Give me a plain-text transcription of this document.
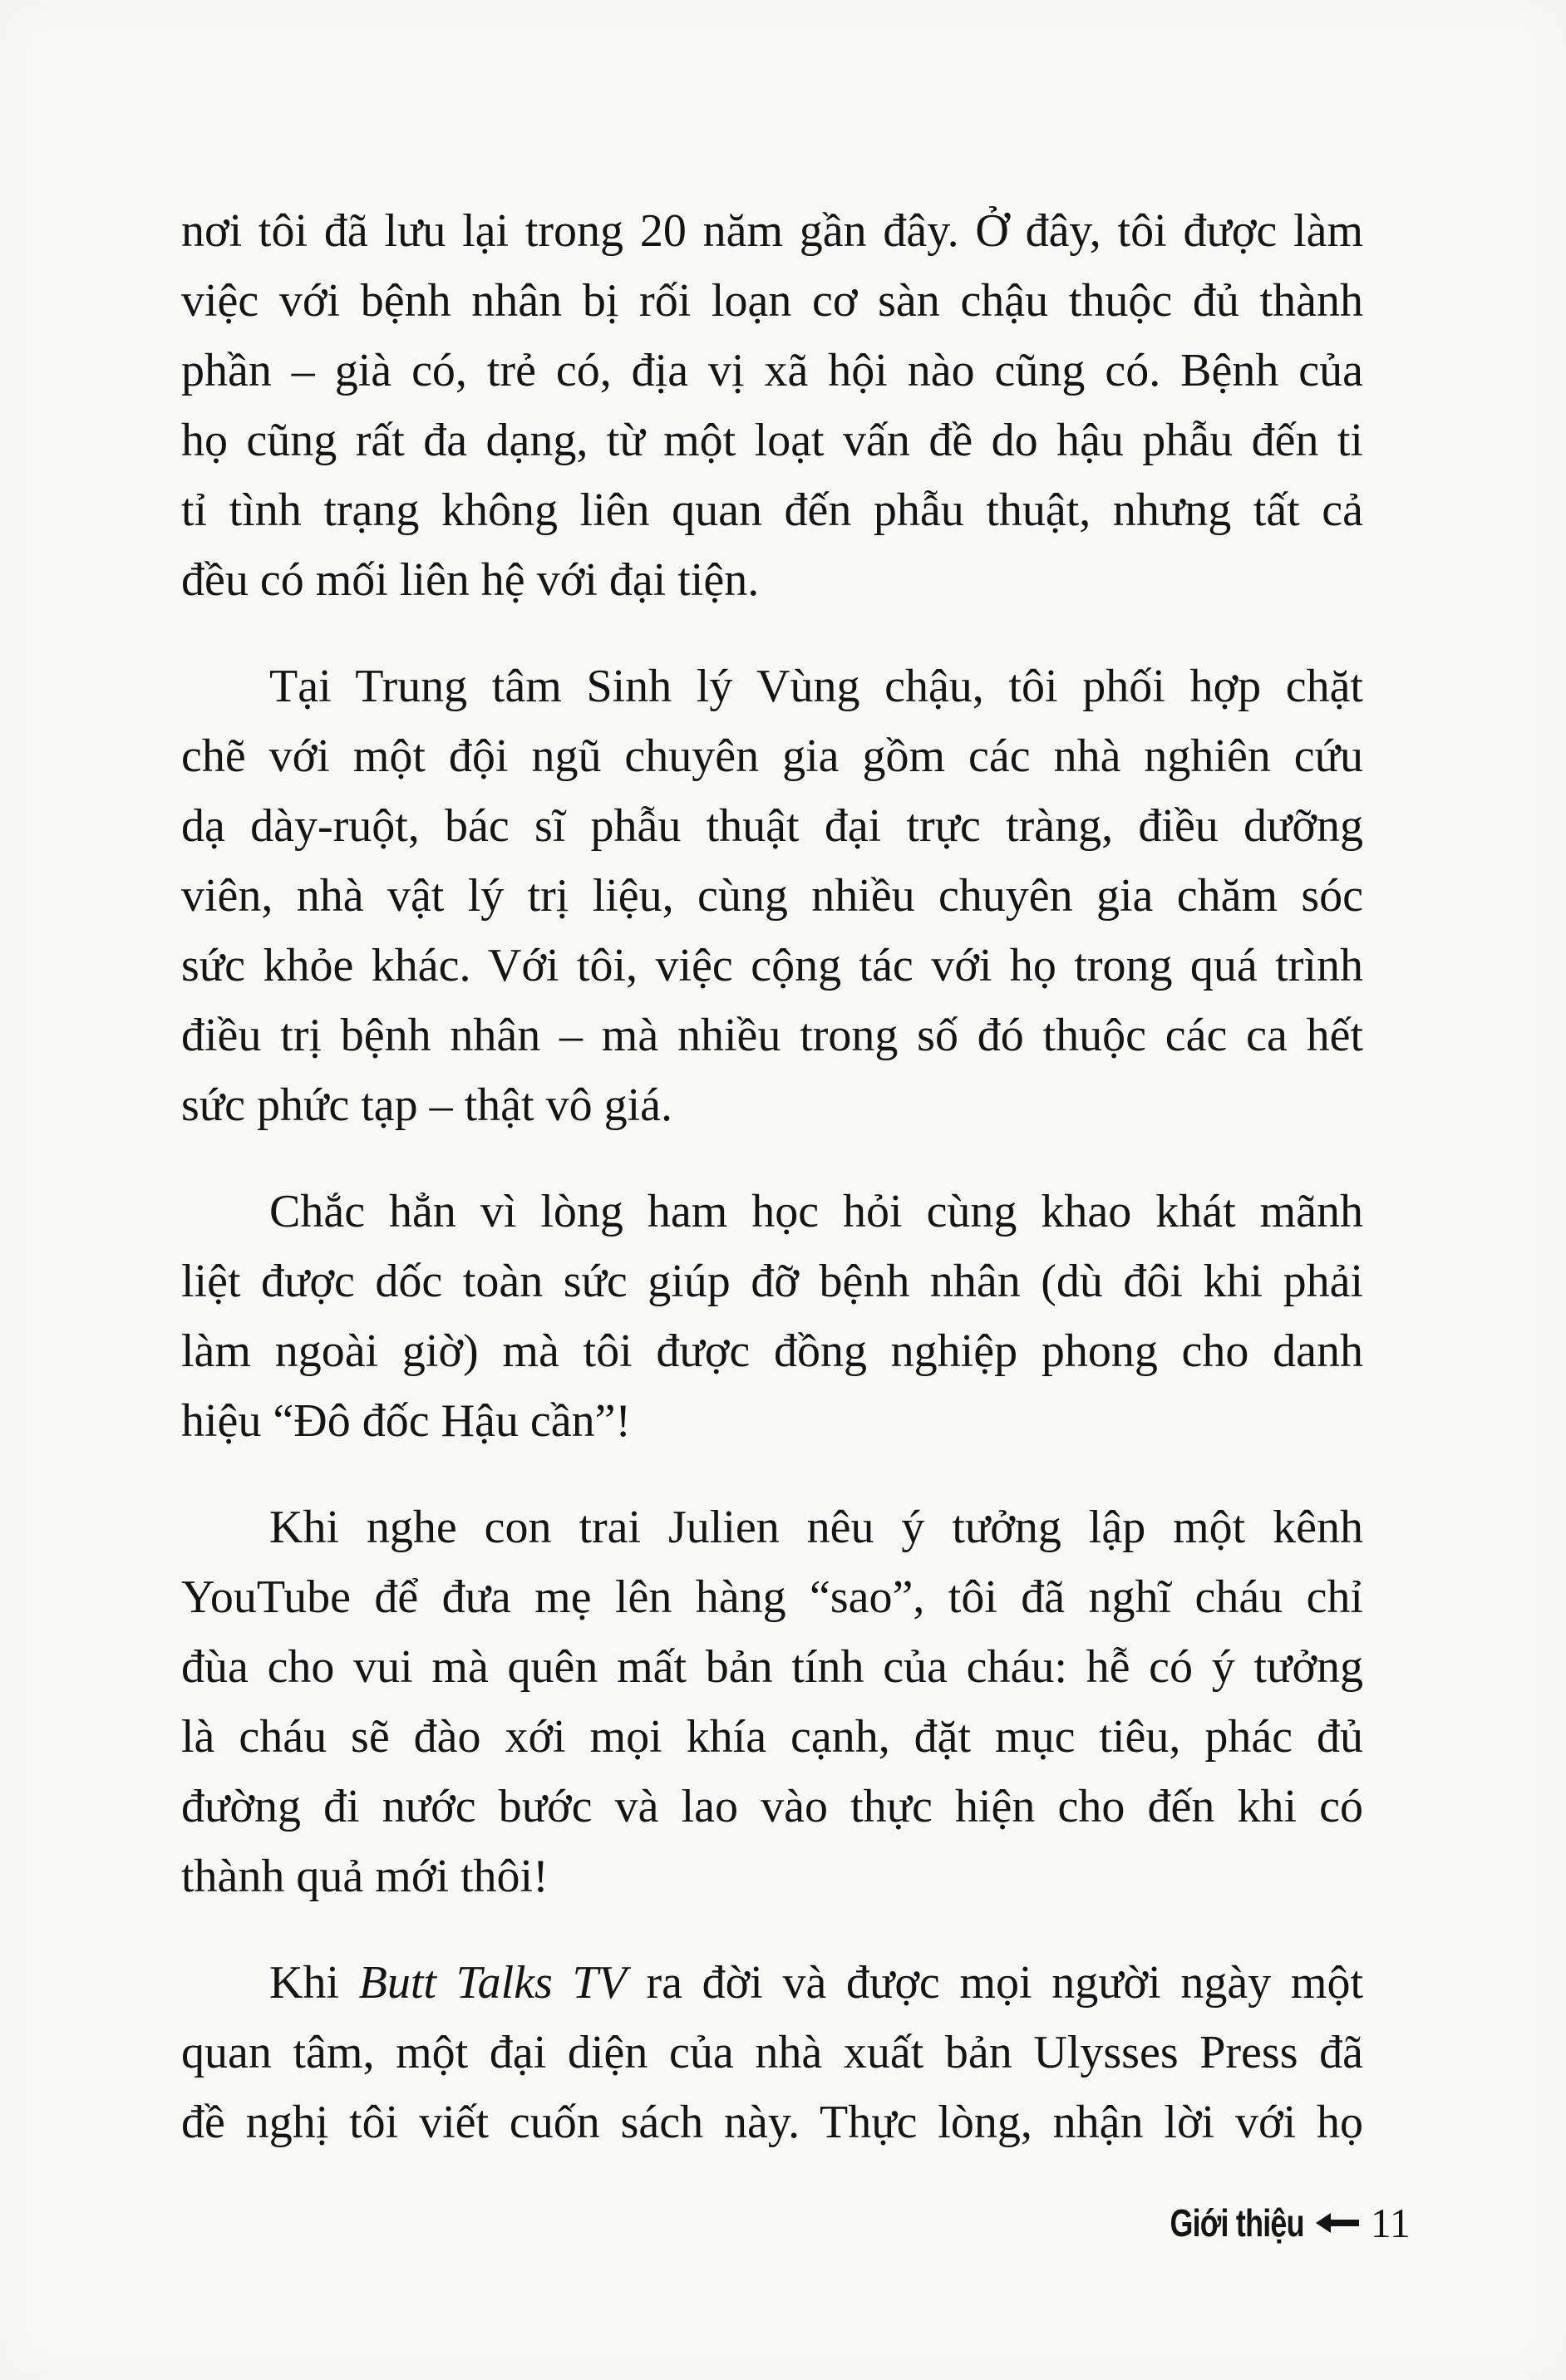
nơi tôi đã lưu lại trong 20 năm gần đây. Ở đây, tôi được làm
việc với bệnh nhân bị rối loạn cơ sàn chậu thuộc đủ thành
phần – già có, trẻ có, địa vị xã hội nào cũng có. Bệnh của
họ cũng rất đa dạng, từ một loạt vấn đề do hậu phẫu đến ti
tỉ tình trạng không liên quan đến phẫu thuật, nhưng tất cả
đều có mối liên hệ với đại tiện.

Tại Trung tâm Sinh lý Vùng chậu, tôi phối hợp chặt
chẽ với một đội ngũ chuyên gia gồm các nhà nghiên cứu
dạ dày-ruột, bác sĩ phẫu thuật đại trực tràng, điều dưỡng
viên, nhà vật lý trị liệu, cùng nhiều chuyên gia chăm sóc
sức khỏe khác. Với tôi, việc cộng tác với họ trong quá trình
điều trị bệnh nhân – mà nhiều trong số đó thuộc các ca hết
sức phức tạp – thật vô giá.

Chắc hẳn vì lòng ham học hỏi cùng khao khát mãnh
liệt được dốc toàn sức giúp đỡ bệnh nhân (dù đôi khi phải
làm ngoài giờ) mà tôi được đồng nghiệp phong cho danh
hiệu “Đô đốc Hậu cần”!

Khi nghe con trai Julien nêu ý tưởng lập một kênh
YouTube để đưa mẹ lên hàng “sao”, tôi đã nghĩ cháu chỉ
đùa cho vui mà quên mất bản tính của cháu: hễ có ý tưởng
là cháu sẽ đào xới mọi khía cạnh, đặt mục tiêu, phác đủ
đường đi nước bước và lao vào thực hiện cho đến khi có
thành quả mới thôi!

Khi Butt Talks TV ra đời và được mọi người ngày một
quan tâm, một đại diện của nhà xuất bản Ulysses Press đã
đề nghị tôi viết cuốn sách này. Thực lòng, nhận lời với họ

Giới thiệu 11
